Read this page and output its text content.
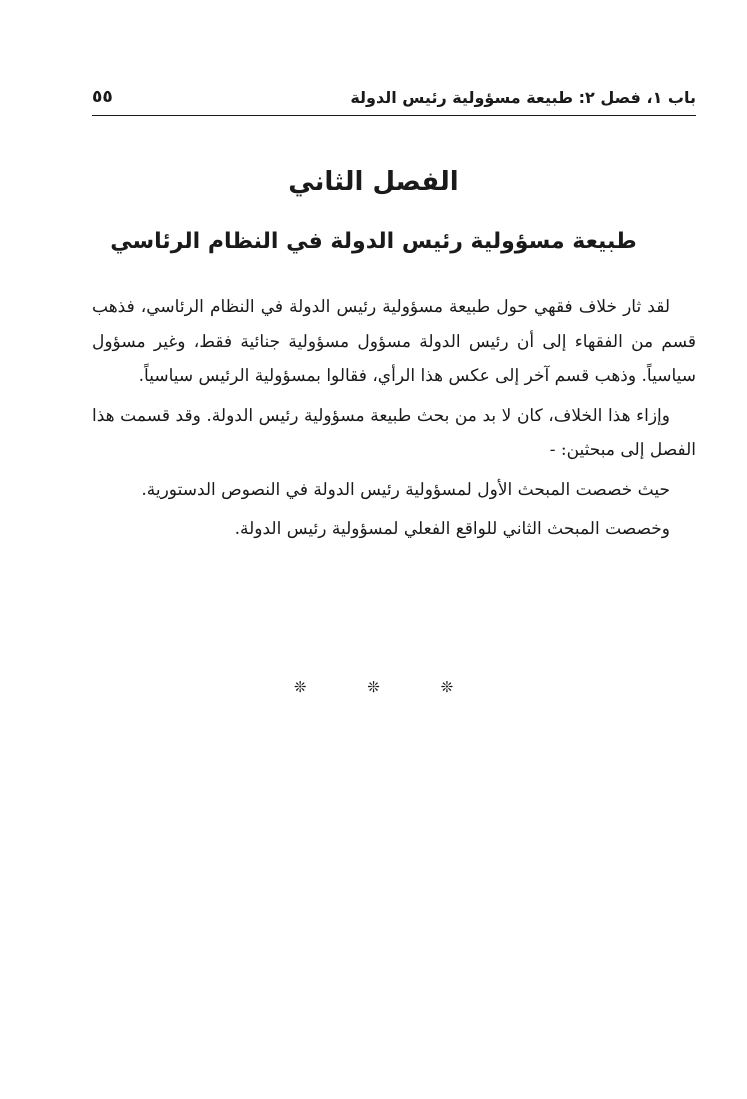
باب ١، فصل ٢: طبيعة مسؤولية رئيس الدولة
٥٥
الفصل الثاني
طبيعة مسؤولية رئيس الدولة في النظام الرئاسي

لقد ثار خلاف فقهي حول طبيعة مسؤولية رئيس الدولة في النظام الرئاسي، فذهب قسم من الفقهاء إلى أن رئيس الدولة مسؤول مسؤولية جنائية فقط، وغير مسؤول سياسياً. وذهب قسم آخر إلى عكس هذا الرأي، فقالوا بمسؤولية الرئيس سياسياً.

وإزاء هذا الخلاف، كان لا بد من بحث طبيعة مسؤولية رئيس الدولة. وقد قسمت هذا الفصل إلى مبحثين: -

حيث خصصت المبحث الأول لمسؤولية رئيس الدولة في النصوص الدستورية.

وخصصت المبحث الثاني للواقع الفعلي لمسؤولية رئيس الدولة.

❊ ❊ ❊
